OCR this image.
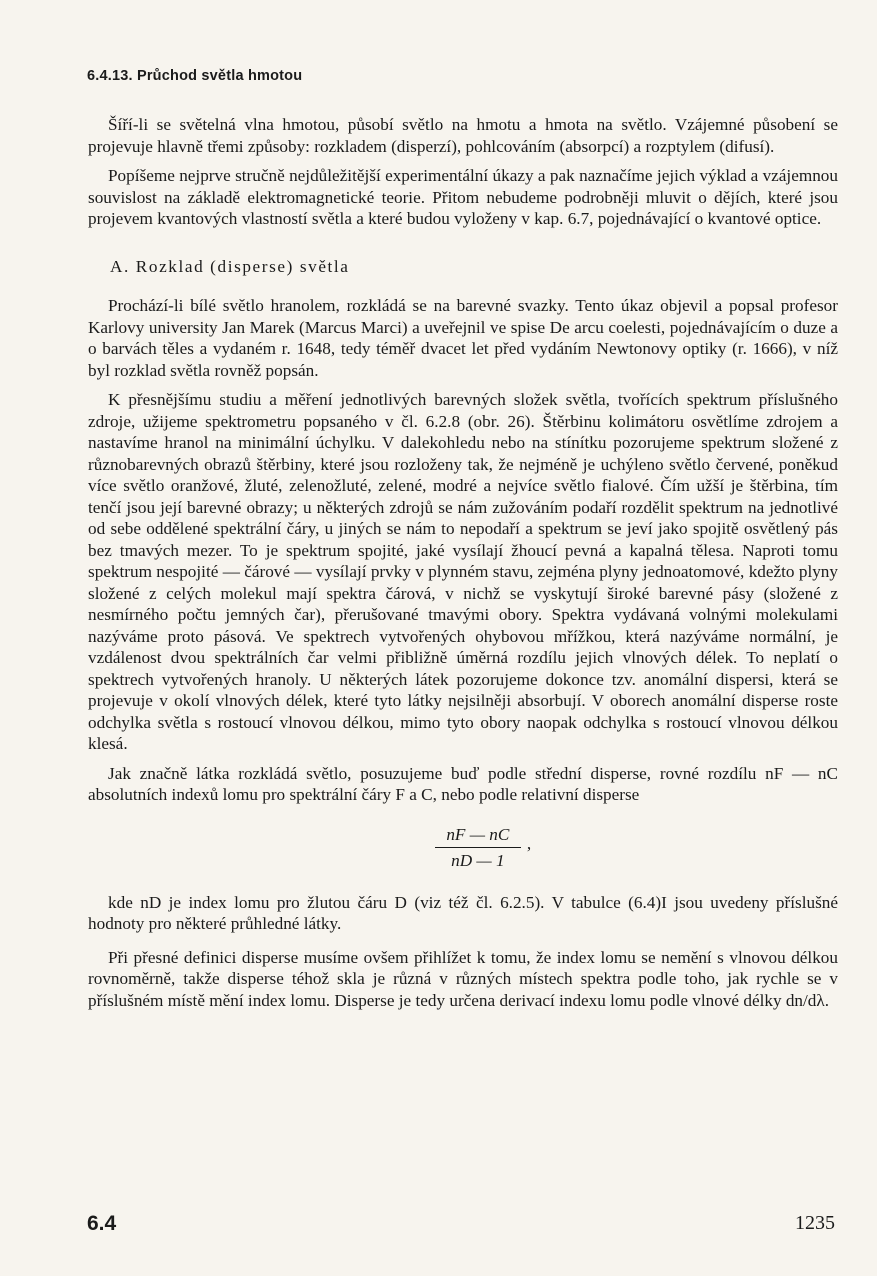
6.4.13. Průchod světla hmotou

Šíří-li se světelná vlna hmotou, působí světlo na hmotu a hmota na světlo. Vzájemné působení se projevuje hlavně třemi způsoby: rozkladem (disperzí), pohlcováním (absorpcí) a rozptylem (difusí).

Popíšeme nejprve stručně nejdůležitější experimentální úkazy a pak naznačíme jejich výklad a vzájemnou souvislost na základě elektromagnetické teorie. Přitom nebudeme podrobněji mluvit o dějích, které jsou projevem kvantových vlastností světla a které budou vyloženy v kap. 6.7, pojednávající o kvantové optice.

A. Rozklad (disperse) světla

Prochází-li bílé světlo hranolem, rozkládá se na barevné svazky. Tento úkaz objevil a popsal profesor Karlovy university Jan Marek (Marcus Marci) a uveřejnil ve spise De arcu coelesti, pojednávajícím o duze a o barvách těles a vydaném r. 1648, tedy téměř dvacet let před vydáním Newtonovy optiky (r. 1666), v níž byl rozklad světla rovněž popsán.

K přesnějšímu studiu a měření jednotlivých barevných složek světla, tvořících spektrum příslušného zdroje, užijeme spektrometru popsaného v čl. 6.2.8 (obr. 26). Štěrbinu kolimátoru osvětlíme zdrojem a nastavíme hranol na minimální úchylku. V dalekohledu nebo na stínítku pozorujeme spektrum složené z různobarevných obrazů štěrbiny, které jsou rozloženy tak, že nejméně je uchýleno světlo červené, poněkud více světlo oranžové, žluté, zelenožluté, zelené, modré a nejvíce světlo fialové. Čím užší je štěrbina, tím tenčí jsou její barevné obrazy; u některých zdrojů se nám zužováním podaří rozdělit spektrum na jednotlivé od sebe oddělené spektrální čáry, u jiných se nám to nepodaří a spektrum se jeví jako spojitě osvětlený pás bez tmavých mezer. To je spektrum spojité, jaké vysílají žhoucí pevná a kapalná tělesa. Naproti tomu spektrum nespojité — čárové — vysílají prvky v plynném stavu, zejména plyny jednoatomové, kdežto plyny složené z celých molekul mají spektra čárová, v nichž se vyskytují široké barevné pásy (složené z nesmírného počtu jemných čar), přerušované tmavými obory. Spektra vydávaná volnými molekulami nazýváme proto pásová. Ve spektrech vytvořených ohybovou mřížkou, která nazýváme normální, je vzdálenost dvou spektrálních čar velmi přibližně úměrná rozdílu jejich vlnových délek. To neplatí o spektrech vytvořených hranoly. U některých látek pozorujeme dokonce tzv. anomální dispersi, která se projevuje v okolí vlnových délek, které tyto látky nejsilněji absorbují. V oborech anomální disperse roste odchylka světla s rostoucí vlnovou délkou, mimo tyto obory naopak odchylka s rostoucí vlnovou délkou klesá.

Jak značně látka rozkládá světlo, posuzujeme buď podle střední disperse, rovné rozdílu nF — nC absolutních indexů lomu pro spektrální čáry F a C, nebo podle relativní disperse

$\frac{nF — nC}{nD — 1}$ ,

kde nD je index lomu pro žlutou čáru D (viz též čl. 6.2.5). V tabulce (6.4)I jsou uvedeny příslušné hodnoty pro některé průhledné látky.

Při přesné definici disperse musíme ovšem přihlížet k tomu, že index lomu se nemění s vlnovou délkou rovnoměrně, takže disperse téhož skla je různá v různých místech spektra podle toho, jak rychle se v příslušném místě mění index lomu. Disperse je tedy určena derivací indexu lomu podle vlnové délky dn/dλ.

6.4	1235
